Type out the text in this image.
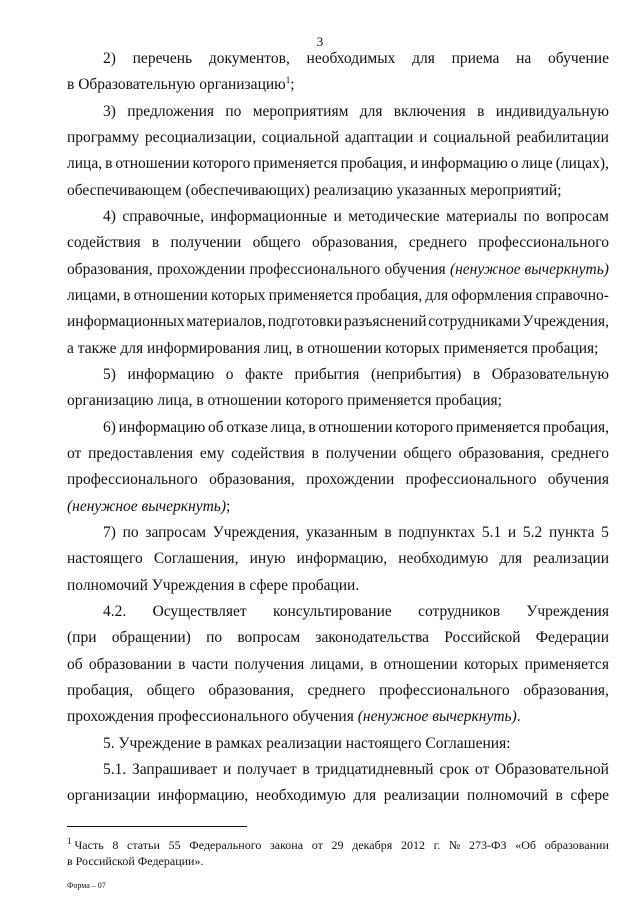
3
2) перечень документов, необходимых для приема на обучение
в Образовательную организацию$^1$;
3) предложения по мероприятиям для включения в индивидуальную
программу ресоциализации, социальной адаптации и социальной реабилитации
лица, в отношении которого применяется пробация, и информацию о лице (лицах),
обеспечивающем (обеспечивающих) реализацию указанных мероприятий;
4) справочные, информационные и методические материалы по вопросам
содействия в получении общего образования, среднего профессионального
образования, прохождении профессионального обучения (ненужное вычеркнуть)
лицами, в отношении которых применяется пробация, для оформления справочно-
информационных материалов, подготовки разъяснений сотрудниками Учреждения,
а также для информирования лиц, в отношении которых применяется пробация;
5) информацию о факте прибытия (неприбытия) в Образовательную
организацию лица, в отношении которого применяется пробация;
6) информацию об отказе лица, в отношении которого применяется пробация,
от предоставления ему содействия в получении общего образования, среднего
профессионального образования, прохождении профессионального обучения
(ненужное вычеркнуть);
7) по запросам Учреждения, указанным в подпунктах 5.1 и 5.2 пункта 5
настоящего Соглашения, иную информацию, необходимую для реализации
полномочий Учреждения в сфере пробации.
4.2. Осуществляет консультирование сотрудников Учреждения
(при обращении) по вопросам законодательства Российской Федерации
об образовании в части получения лицами, в отношении которых применяется
пробация, общего образования, среднего профессионального образования,
прохождения профессионального обучения (ненужное вычеркнуть).
5. Учреждение в рамках реализации настоящего Соглашения:
5.1. Запрашивает и получает в тридцатидневный срок от Образовательной
организации информацию, необходимую для реализации полномочий в сфере
$^1$ Часть 8 статьи 55 Федерального закона от 29 декабря 2012 г. № 273-ФЗ «Об образовании
в Российской Федерации».
Форма – 07
